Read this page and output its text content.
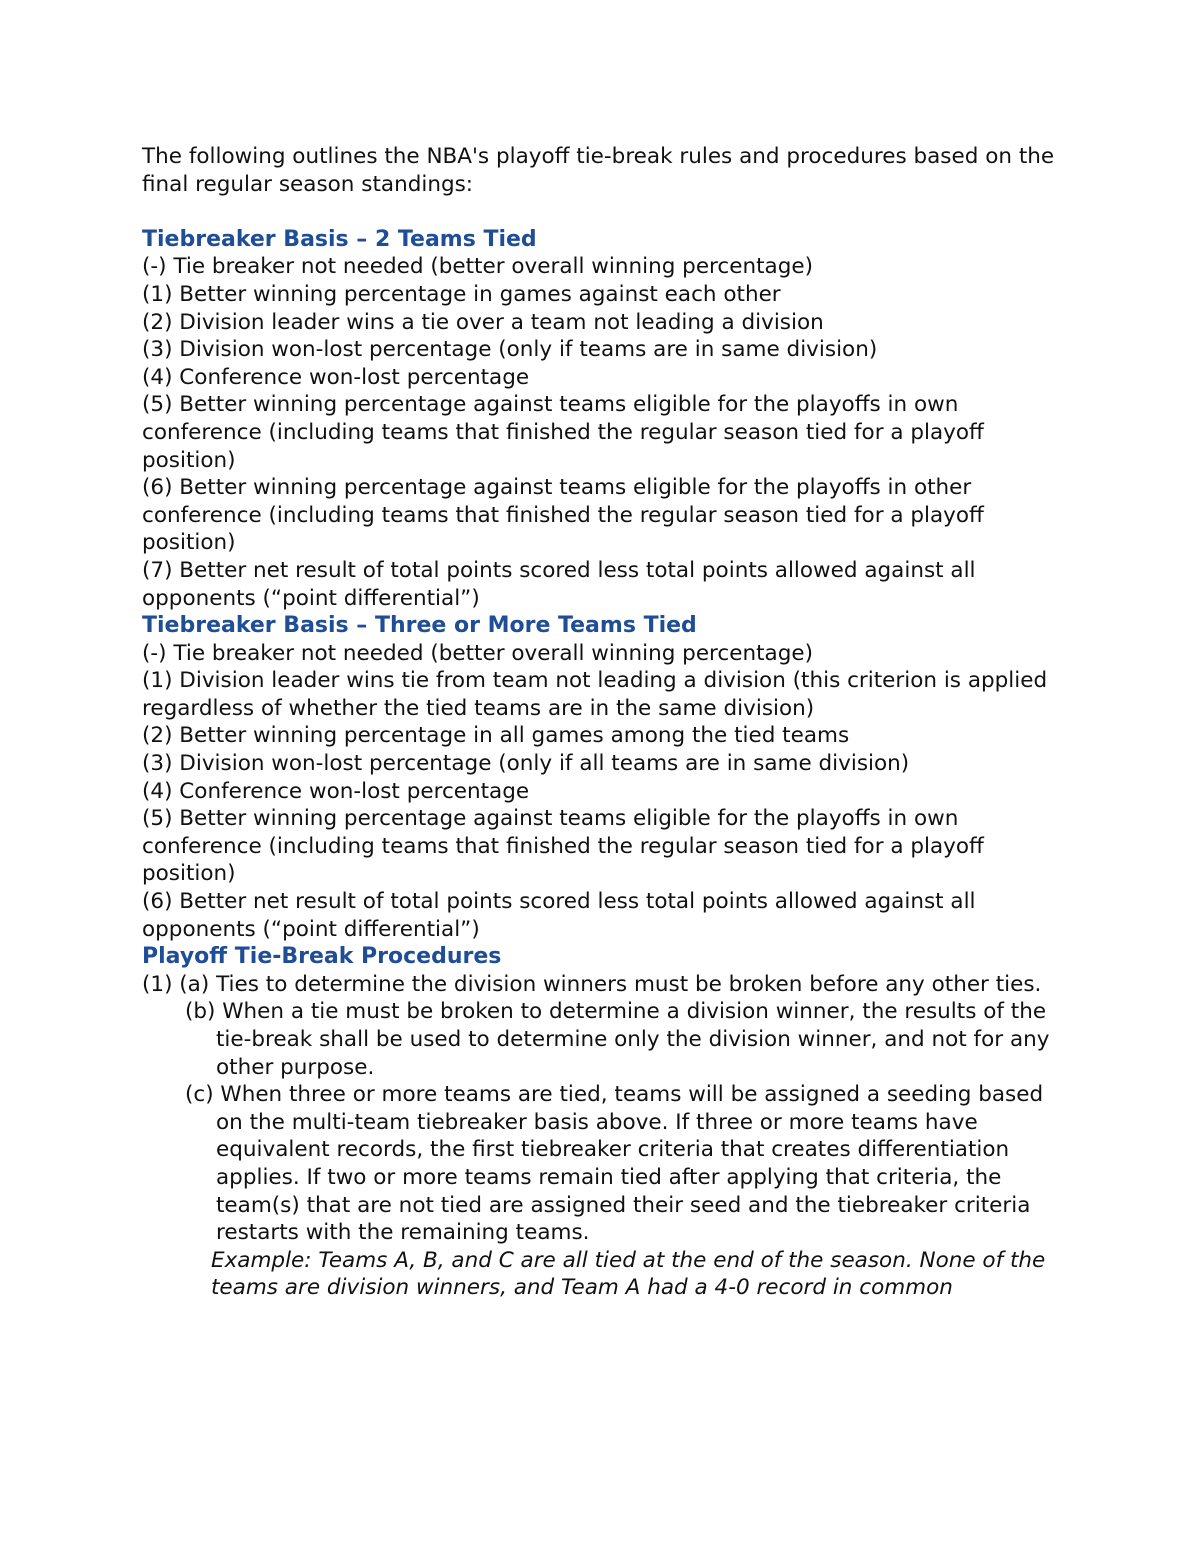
The following outlines the NBA's playoff tie-break rules and procedures based on the final regular season standings:

Tiebreaker Basis – 2 Teams Tied

(-) Tie breaker not needed (better overall winning percentage)

(1) Better winning percentage in games against each other

(2) Division leader wins a tie over a team not leading a division

(3) Division won-lost percentage (only if teams are in same division)

(4) Conference won-lost percentage

(5) Better winning percentage against teams eligible for the playoffs in own conference (including teams that finished the regular season tied for a playoff position)

(6) Better winning percentage against teams eligible for the playoffs in other conference (including teams that finished the regular season tied for a playoff position)

(7) Better net result of total points scored less total points allowed against all opponents (“point differential”)

Tiebreaker Basis – Three or More Teams Tied

(-) Tie breaker not needed (better overall winning percentage)

(1) Division leader wins tie from team not leading a division (this criterion is applied regardless of whether the tied teams are in the same division)

(2) Better winning percentage in all games among the tied teams

(3) Division won-lost percentage (only if all teams are in same division)

(4) Conference won-lost percentage

(5) Better winning percentage against teams eligible for the playoffs in own conference (including teams that finished the regular season tied for a playoff position)

(6) Better net result of total points scored less total points allowed against all opponents (“point differential”)

Playoff Tie-Break Procedures

(1) (a) Ties to determine the division winners must be broken before any other ties.

(b) When a tie must be broken to determine a division winner, the results of the tie-break shall be used to determine only the division winner, and not for any other purpose.

(c) When three or more teams are tied, teams will be assigned a seeding based on the multi-team tiebreaker basis above. If three or more teams have equivalent records, the first tiebreaker criteria that creates differentiation applies. If two or more teams remain tied after applying that criteria, the team(s) that are not tied are assigned their seed and the tiebreaker criteria restarts with the remaining teams.

Example: Teams A, B, and C are all tied at the end of the season. None of the teams are division winners, and Team A had a 4-0 record in common
